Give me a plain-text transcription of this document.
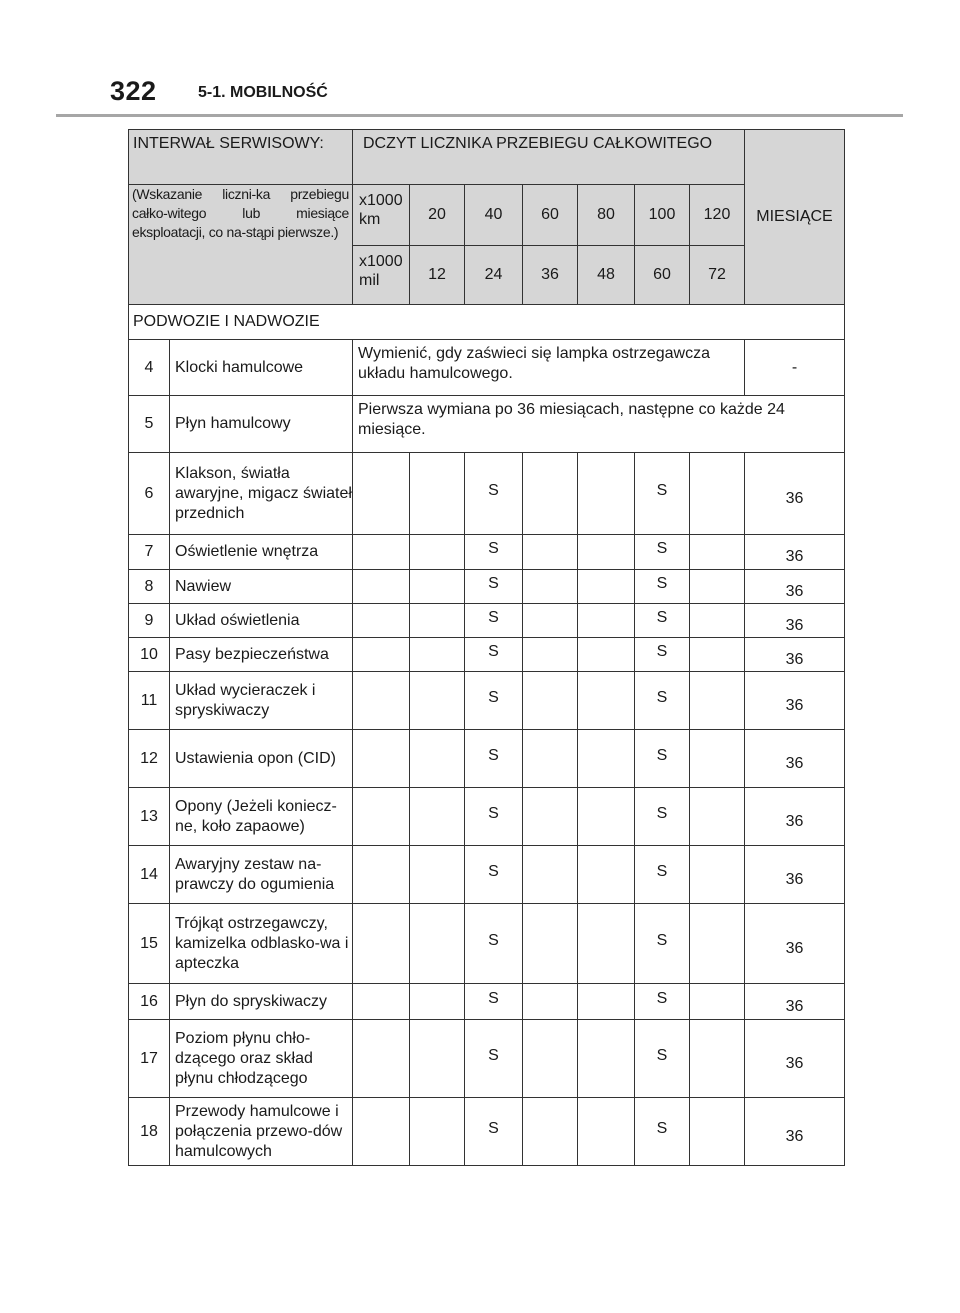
322	5-1. MOBILNOŚĆ
INTERWAŁ SERWISOWY:		DCZYT LICZNIKA PRZEBIEGU CAŁKOWITEGO							MIESIĄCE
(Wskazanie liczni-ka przebiegu całko-witego lub miesiące eksploatacji, co na-stąpi pierwsze.)		x1000 km	20	40	60	80	100	120	
		x1000 mil	12	24	36	48	60	72	
PODWOZIE I NADWOZIE									
4	Klocki hamulcowe	Wymienić, gdy zaświeci się lampka ostrzegawcza układu hamulcowego.							-
5	Płyn hamulcowy	Pierwsza wymiana po 36 miesiącach, następne co każde 24 miesiące.							
6	Klakson, światła awaryjne, migacz świateł przednich			S			S		36
7	Oświetlenie wnętrza			S			S		36
8	Nawiew			S			S		36
9	Układ oświetlenia			S			S		36
10	Pasy bezpieczeństwa			S			S		36
11	Układ wycieraczek i spryskiwaczy			S			S		36
12	Ustawienia opon (CID)			S			S		36
13	Opony (Jeżeli koniecz-ne, koło zapaowe)			S			S		36
14	Awaryjny zestaw na-prawczy do ogumienia			S			S		36
15	Trójkąt ostrzegawczy, kamizelka odblasko-wa i apteczka			S			S		36
16	Płyn do spryskiwaczy			S			S		36
17	Poziom płynu chło-dzącego oraz skład płynu chłodzącego			S			S		36
18	Przewody hamulcowe i połączenia przewo-dów hamulcowych			S			S		36
